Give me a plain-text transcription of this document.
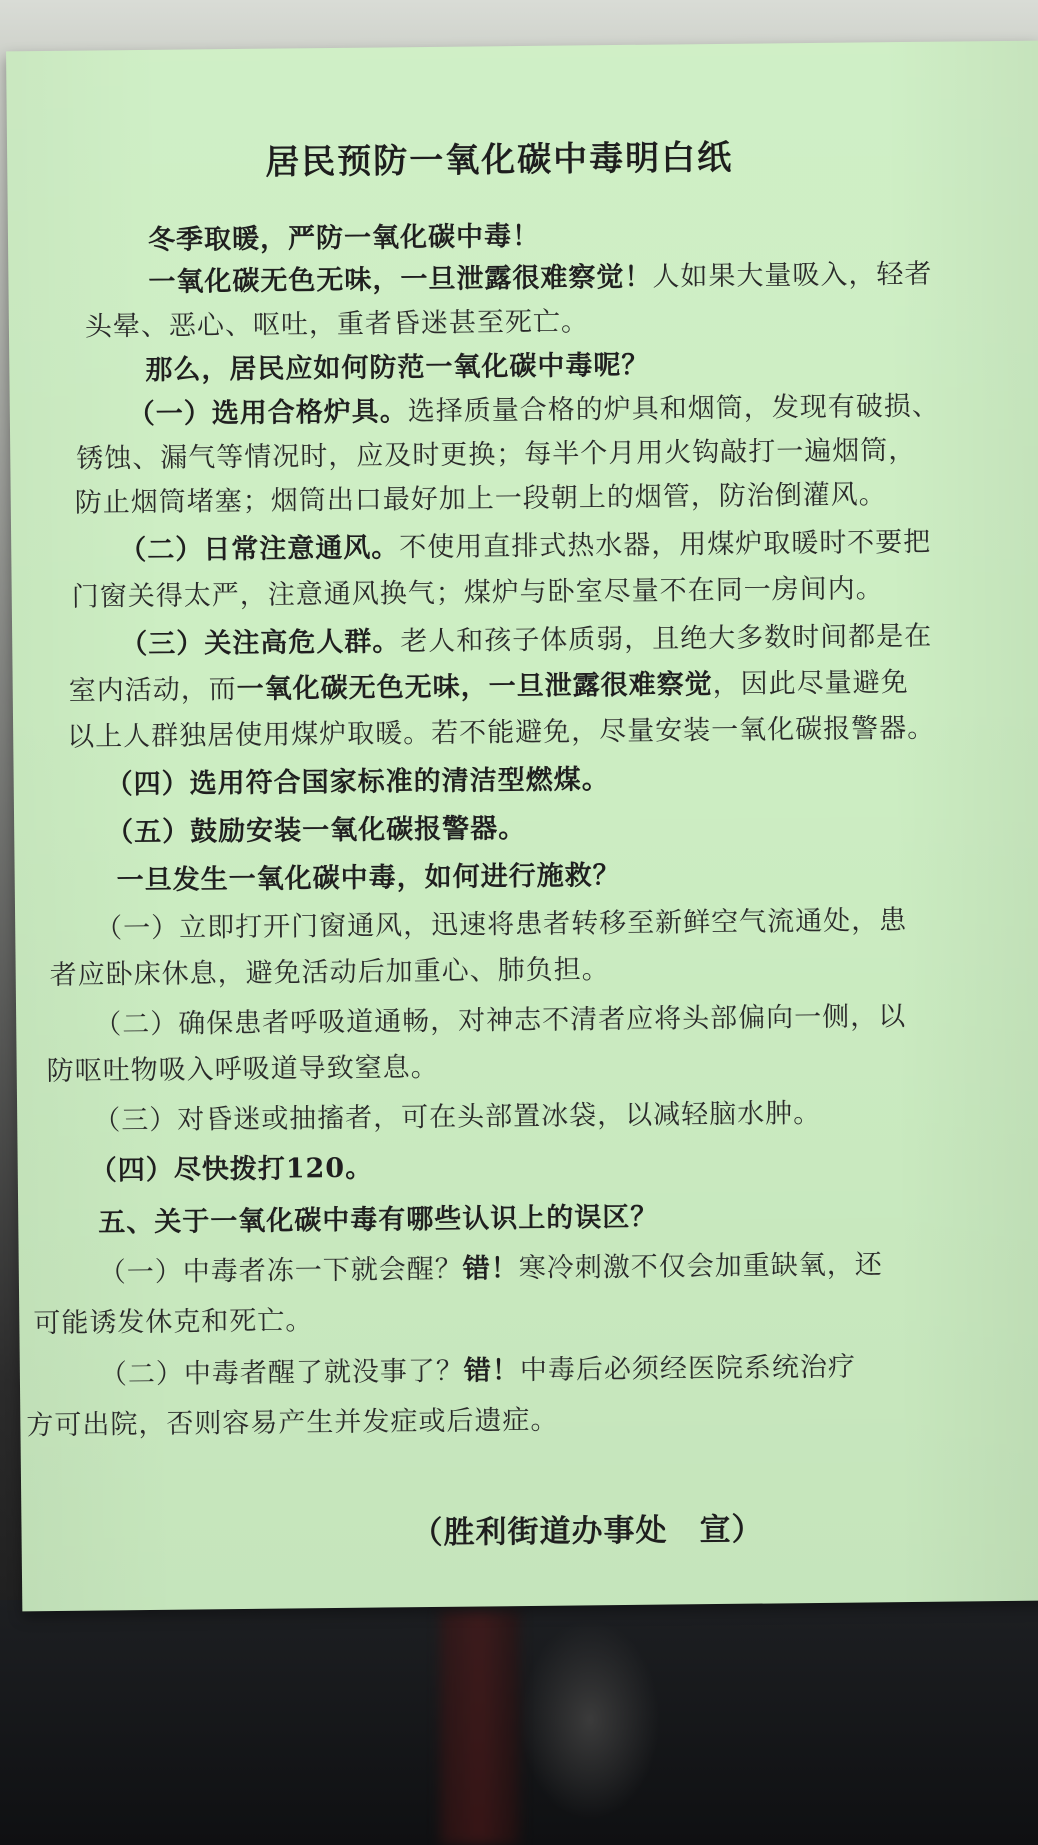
居民预防一氧化碳中毒明白纸
冬季取暖，严防一氧化碳中毒！
一氧化碳无色无味，一旦泄露很难察觉！人如果大量吸入，轻者
头晕、恶心、呕吐，重者昏迷甚至死亡。
那么，居民应如何防范一氧化碳中毒呢？
（一）选用合格炉具。选择质量合格的炉具和烟筒，发现有破损、
锈蚀、漏气等情况时，应及时更换；每半个月用火钩敲打一遍烟筒，
防止烟筒堵塞；烟筒出口最好加上一段朝上的烟管，防治倒灌风。
（二）日常注意通风。不使用直排式热水器，用煤炉取暖时不要把
门窗关得太严，注意通风换气；煤炉与卧室尽量不在同一房间内。
（三）关注高危人群。老人和孩子体质弱，且绝大多数时间都是在
室内活动，而一氧化碳无色无味，一旦泄露很难察觉，因此尽量避免
以上人群独居使用煤炉取暖。若不能避免，尽量安装一氧化碳报警器。
（四）选用符合国家标准的清洁型燃煤。
（五）鼓励安装一氧化碳报警器。
一旦发生一氧化碳中毒，如何进行施救？
（一）立即打开门窗通风，迅速将患者转移至新鲜空气流通处，患
者应卧床休息，避免活动后加重心、肺负担。
（二）确保患者呼吸道通畅，对神志不清者应将头部偏向一侧，以
防呕吐物吸入呼吸道导致窒息。
（三）对昏迷或抽搐者，可在头部置冰袋，以减轻脑水肿。
（四）尽快拨打120。
五、关于一氧化碳中毒有哪些认识上的误区？
（一）中毒者冻一下就会醒？错！寒冷刺激不仅会加重缺氧，还
可能诱发休克和死亡。
（二）中毒者醒了就没事了？错！中毒后必须经医院系统治疗
方可出院，否则容易产生并发症或后遗症。
（胜利街道办事处　宣）
